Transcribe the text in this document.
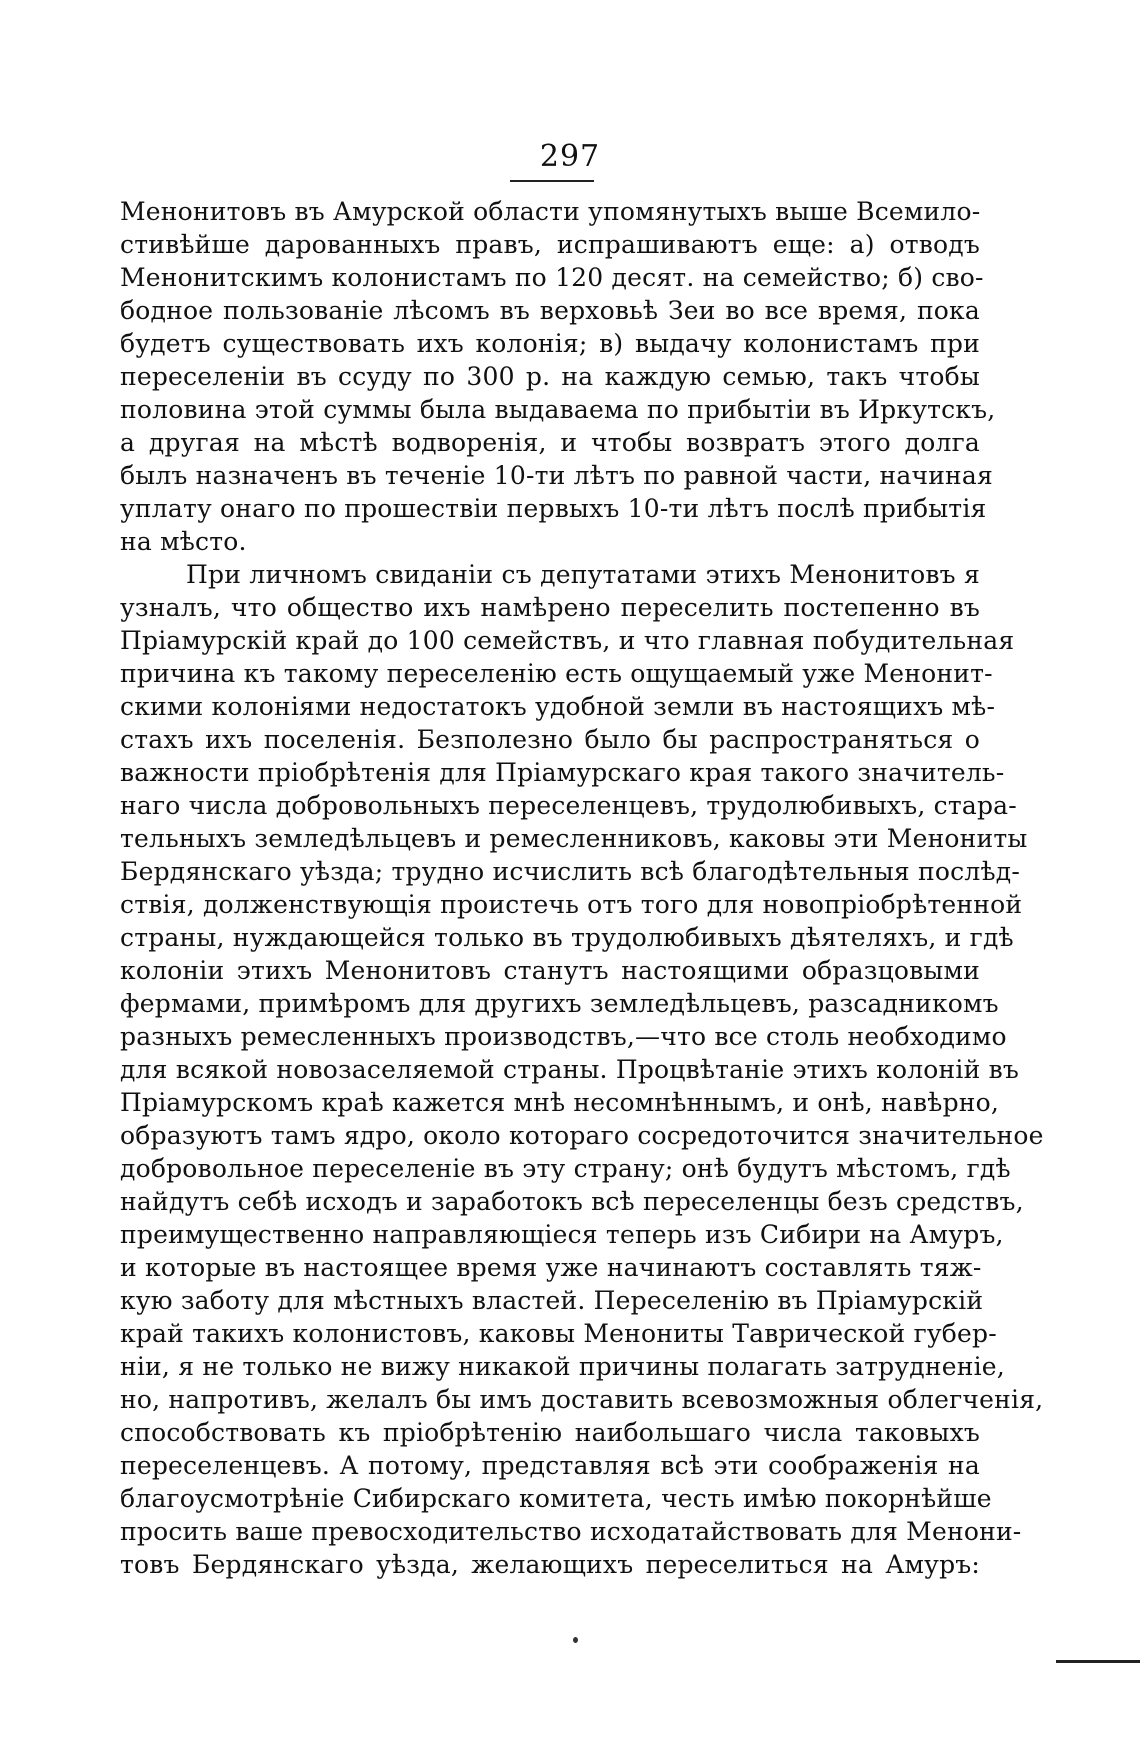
297
Менонитовъ въ Амурской области упомянутыхъ выше Всемило-
стивѣйше дарованныхъ правъ, испрашиваютъ еще: а) отводъ
Менонитскимъ колонистамъ по 120 десят. на семейство; б) сво-
бодное пользованіе лѣсомъ въ верховьѣ Зеи во все время, пока
будетъ существовать ихъ колонія; в) выдачу колонистамъ при
переселеніи въ ссуду по 300 р. на каждую семью, такъ чтобы
половина этой суммы была выдаваема по прибытіи въ Иркутскъ,
а другая на мѣстѣ водворенія, и чтобы возвратъ этого долга
былъ назначенъ въ теченіе 10-ти лѣтъ по равной части, начиная
уплату онаго по прошествіи первыхъ 10-ти лѣтъ послѣ прибытія
на мѣсто.
При личномъ свиданіи съ депутатами этихъ Менонитовъ я
узналъ, что общество ихъ намѣрено переселить постепенно въ
Пріамурскій край до 100 семействъ, и что главная побудительная
причина къ такому переселенію есть ощущаемый уже Менонит-
скими колоніями недостатокъ удобной земли въ настоящихъ мѣ-
стахъ ихъ поселенія. Безполезно было бы распространяться о
важности пріобрѣтенія для Пріамурскаго края такого значитель-
наго числа добровольныхъ переселенцевъ, трудолюбивыхъ, стара-
тельныхъ земледѣльцевъ и ремесленниковъ, каковы эти Менониты
Бердянскаго уѣзда; трудно исчислить всѣ благодѣтельныя послѣд-
ствія, долженствующія проистечь отъ того для новопріобрѣтенной
страны, нуждающейся только въ трудолюбивыхъ дѣятеляхъ, и гдѣ
колоніи этихъ Менонитовъ станутъ настоящими образцовыми
фермами, примѣромъ для другихъ земледѣльцевъ, разсадникомъ
разныхъ ремесленныхъ производствъ,—что все столь необходимо
для всякой новозаселяемой страны. Процвѣтаніе этихъ колоній въ
Пріамурскомъ краѣ кажется мнѣ несомнѣннымъ, и онѣ, навѣрно,
образуютъ тамъ ядро, около котораго сосредоточится значительное
добровольное переселеніе въ эту страну; онѣ будутъ мѣстомъ, гдѣ
найдутъ себѣ исходъ и заработокъ всѣ переселенцы безъ средствъ,
преимущественно направляющіеся теперь изъ Сибири на Амуръ,
и которые въ настоящее время уже начинаютъ составлять тяж-
кую заботу для мѣстныхъ властей. Переселенію въ Пріамурскій
край такихъ колонистовъ, каковы Менониты Таврической губер-
ніи, я не только не вижу никакой причины полагать затрудненіе,
но, напротивъ, желалъ бы имъ доставить всевозможныя облегченія,
способствовать къ пріобрѣтенію наибольшаго числа таковыхъ
переселенцевъ. А потому, представляя всѣ эти соображенія на
благоусмотрѣніе Сибирскаго комитета, честь имѣю покорнѣйше
просить ваше превосходительство исходатайствовать для Менони-
товъ Бердянскаго уѣзда, желающихъ переселиться на Амуръ:
